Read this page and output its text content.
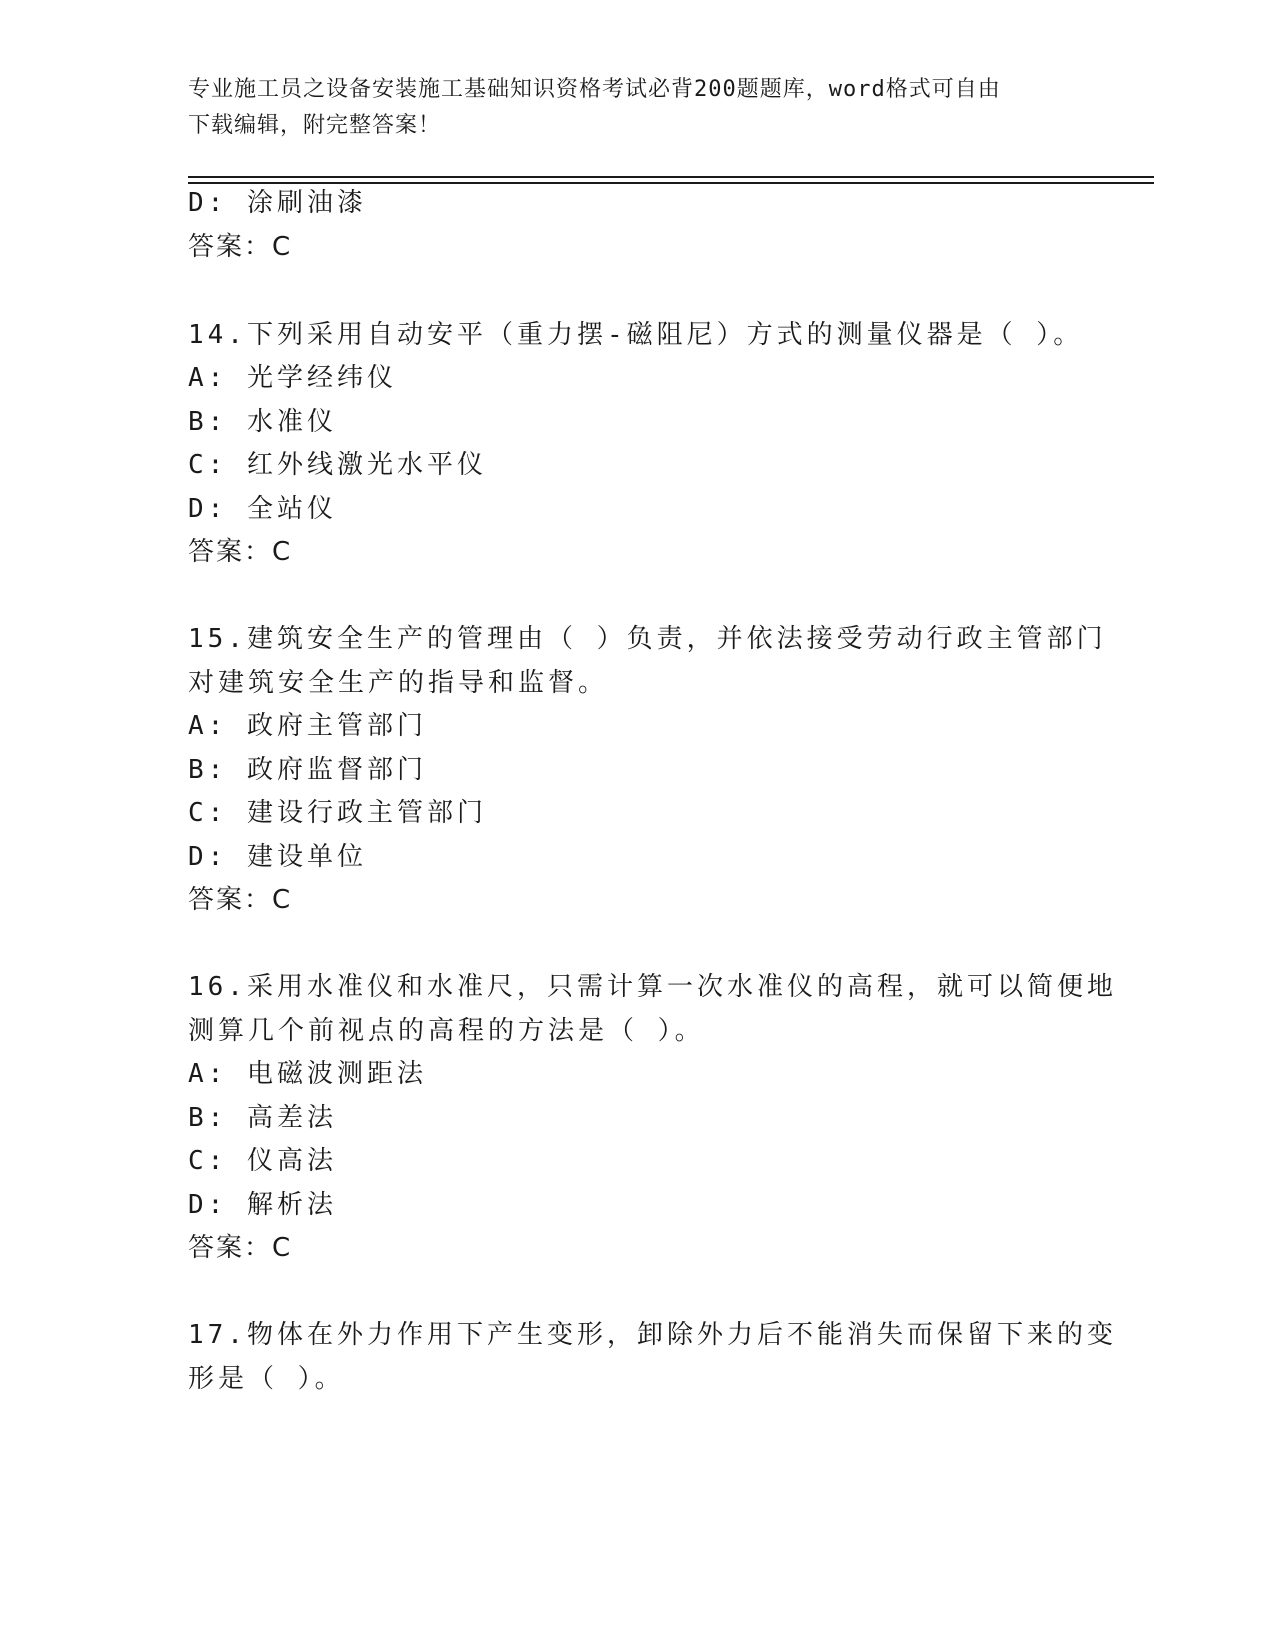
专业施工员之设备安装施工基础知识资格考试必背200题题库，word格式可自由
下载编辑，附完整答案！
D: 涂刷油漆
答案：C
14.下列采用自动安平（重力摆-磁阻尼）方式的测量仪器是（ ）。
A: 光学经纬仪
B: 水准仪
C: 红外线激光水平仪
D: 全站仪
答案：C
15.建筑安全生产的管理由（ ）负责，并依法接受劳动行政主管部门
对建筑安全生产的指导和监督。
A: 政府主管部门
B: 政府监督部门
C: 建设行政主管部门
D: 建设单位
答案：C
16.采用水准仪和水准尺，只需计算一次水准仪的高程，就可以简便地
测算几个前视点的高程的方法是（ ）。
A: 电磁波测距法
B: 高差法
C: 仪高法
D: 解析法
答案：C
17.物体在外力作用下产生变形，卸除外力后不能消失而保留下来的变
形是（ ）。
